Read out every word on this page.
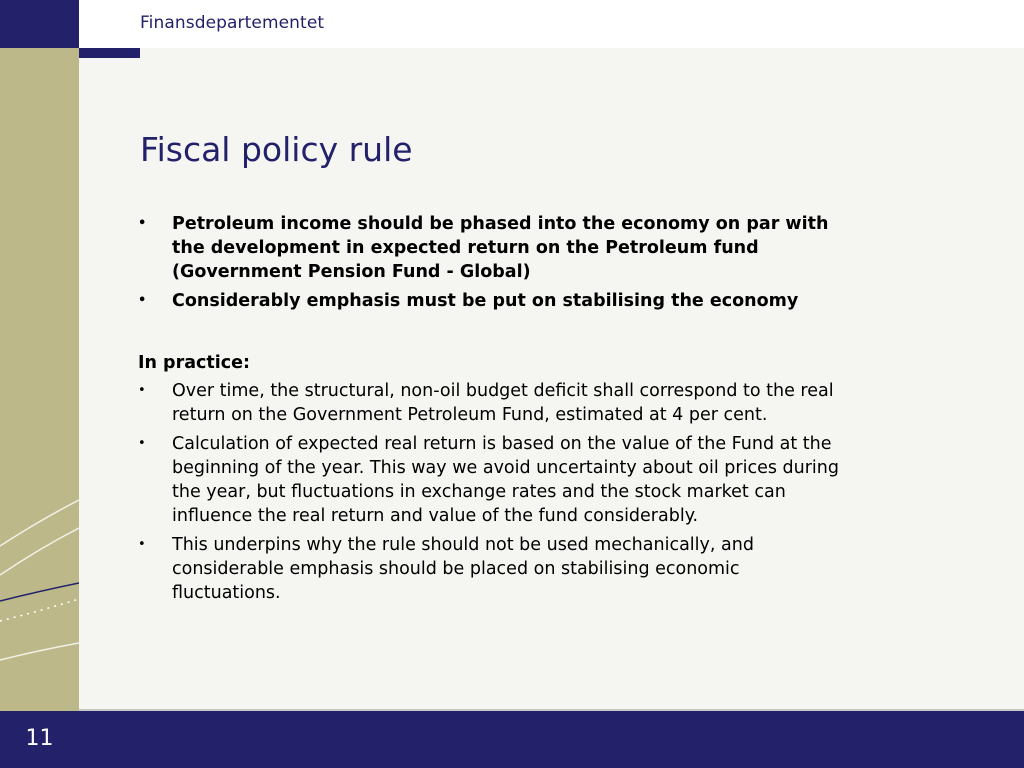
Finansdepartementet
11
Fiscal policy rule
• Petroleum income should be phased into the economy on par with the development in expected return on the Petroleum fund (Government Pension Fund - Global)
• Considerably emphasis must be put on stabilising the economy
In practice:
• Over time, the structural, non-oil budget deficit shall correspond to the real return on the Government Petroleum Fund, estimated at 4 per cent.
• Calculation of expected real return is based on the value of the Fund at the beginning of the year. This way we avoid uncertainty about oil prices during the year, but fluctuations in exchange rates and the stock market can influence the real return and value of the fund considerably.
• This underpins why the rule should not be used mechanically, and considerable emphasis should be placed on stabilising economic fluctuations.
